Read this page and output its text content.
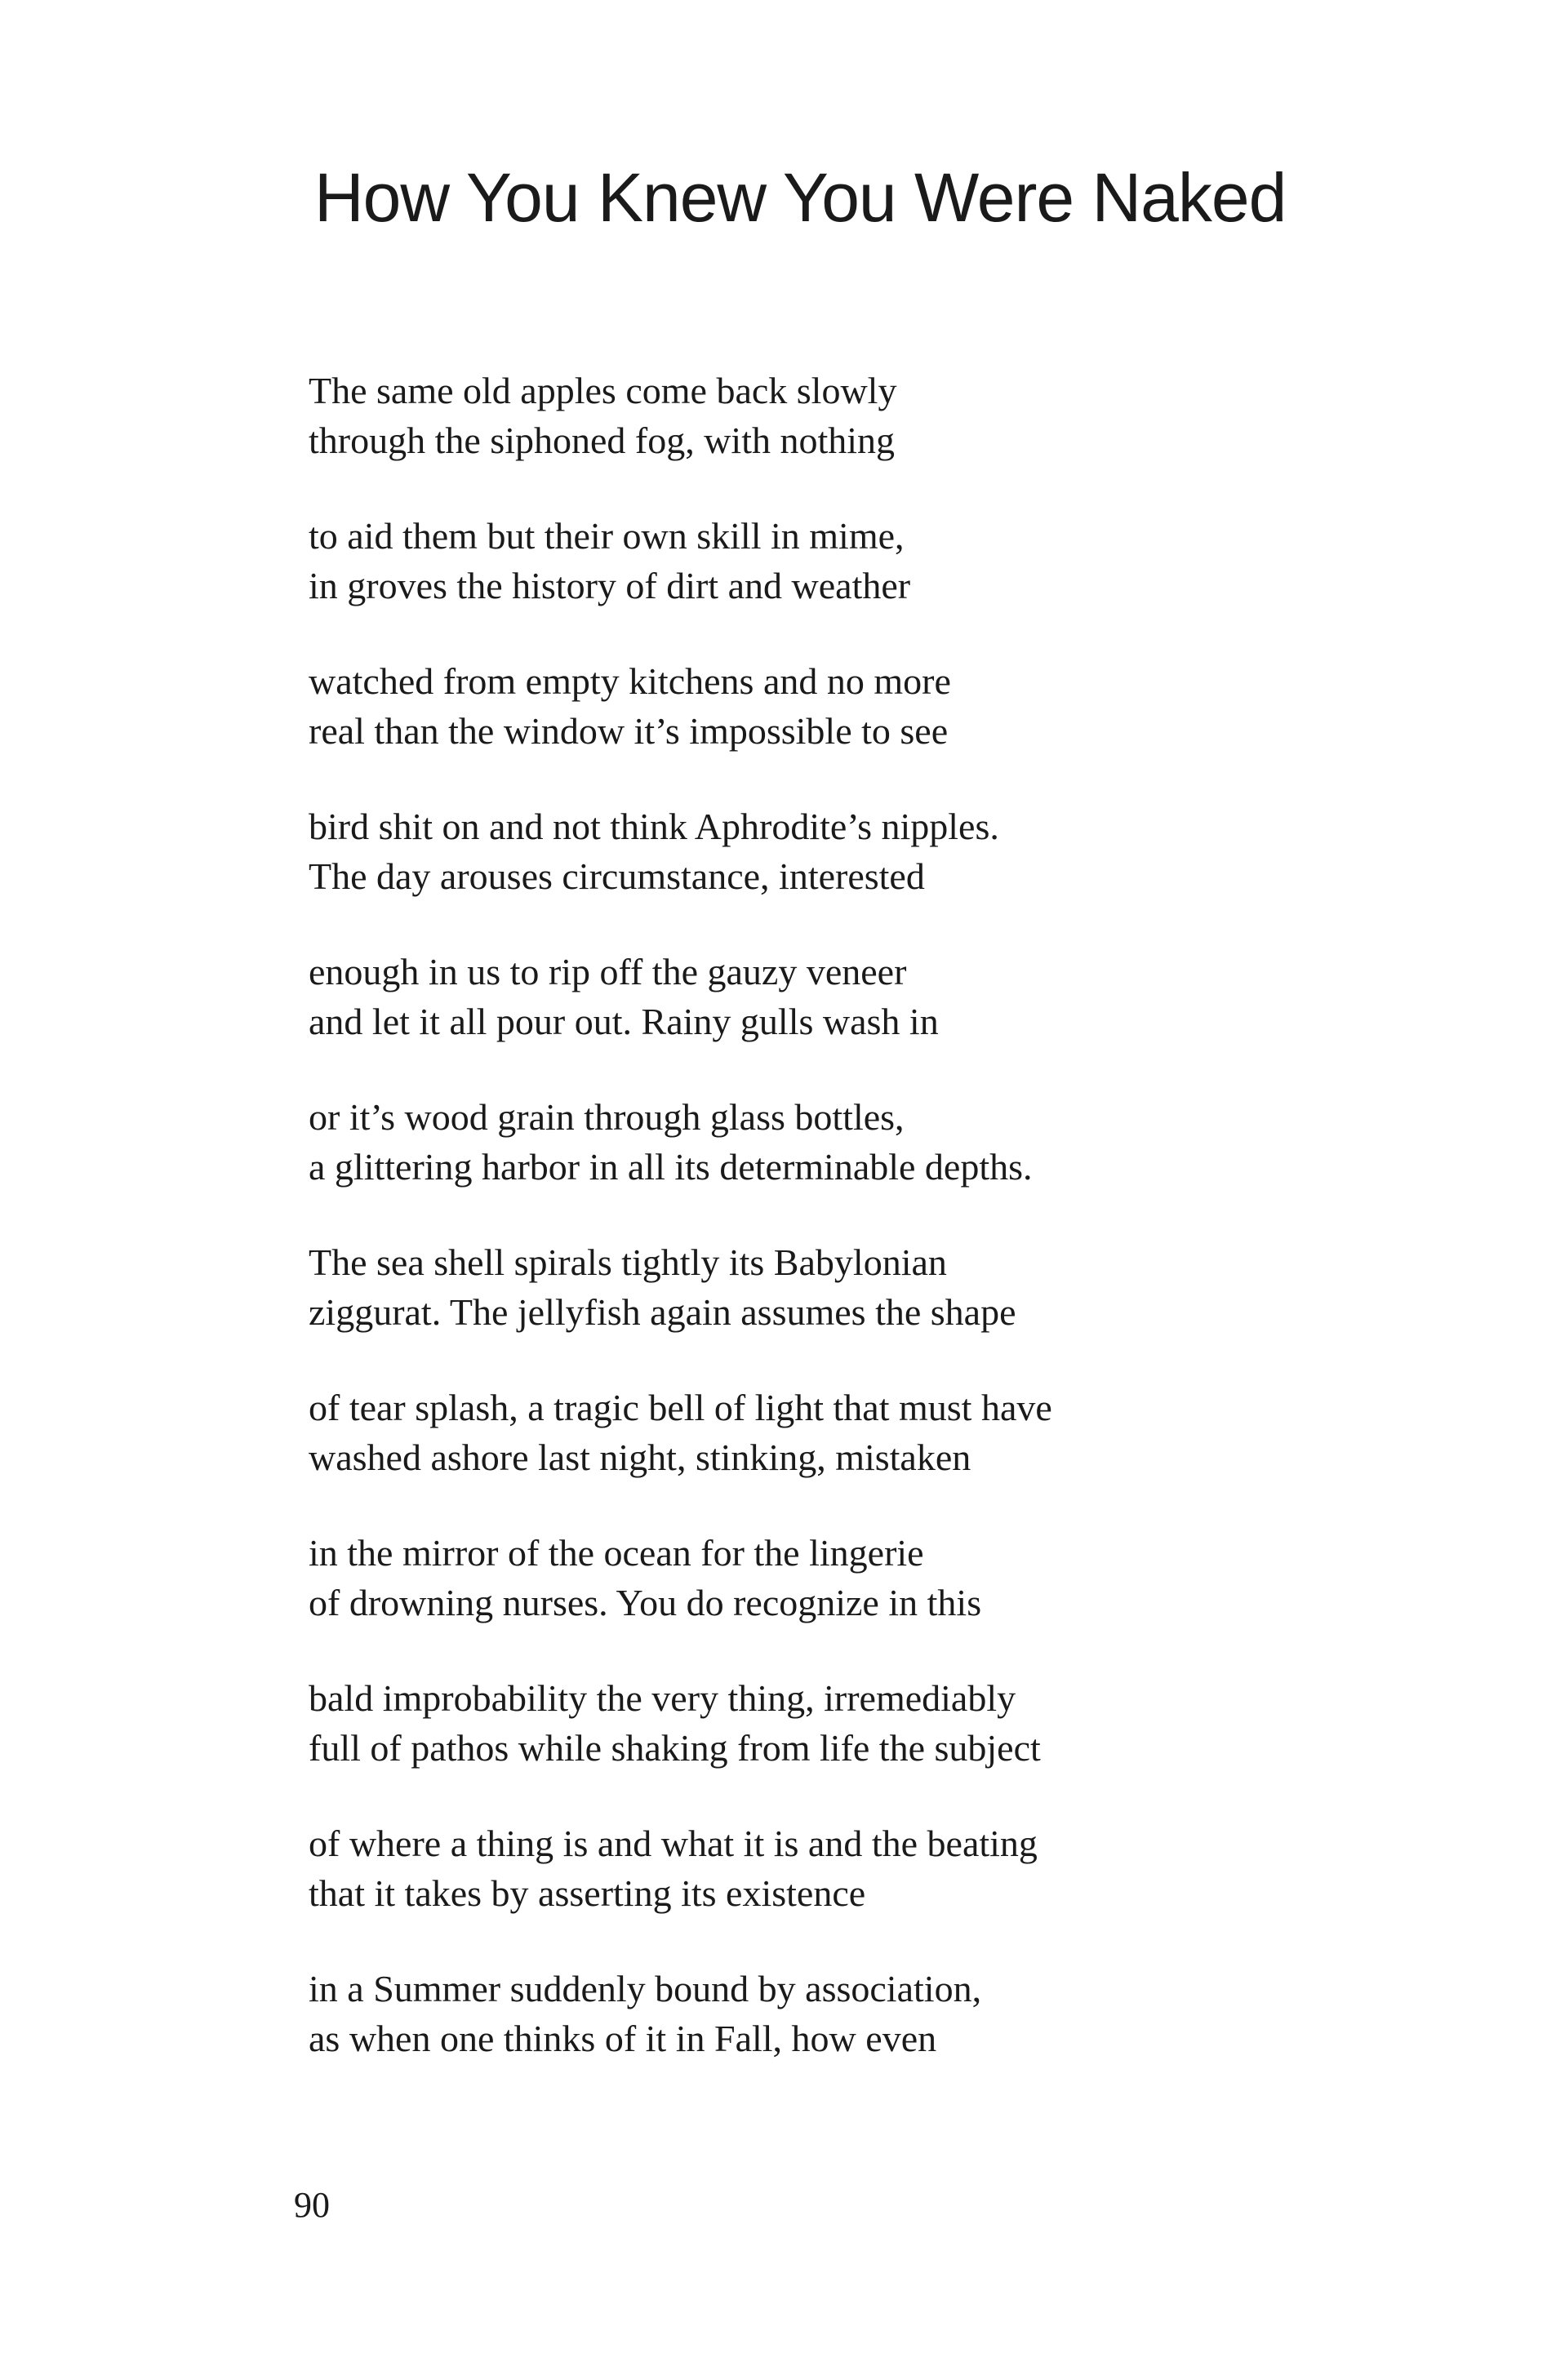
How You Knew You Were Naked

The same old apples come back slowly
through the siphoned fog, with nothing

to aid them but their own skill in mime,
in groves the history of dirt and weather

watched from empty kitchens and no more
real than the window it’s impossible to see

bird shit on and not think Aphrodite’s nipples.
The day arouses circumstance, interested

enough in us to rip off the gauzy veneer
and let it all pour out. Rainy gulls wash in

or it’s wood grain through glass bottles,
a glittering harbor in all its determinable depths.

The sea shell spirals tightly its Babylonian
ziggurat. The jellyfish again assumes the shape

of tear splash, a tragic bell of light that must have
washed ashore last night, stinking, mistaken

in the mirror of the ocean for the lingerie
of drowning nurses. You do recognize in this

bald improbability the very thing, irremediably
full of pathos while shaking from life the subject

of where a thing is and what it is and the beating
that it takes by asserting its existence

in a Summer suddenly bound by association,
as when one thinks of it in Fall, how even

90
